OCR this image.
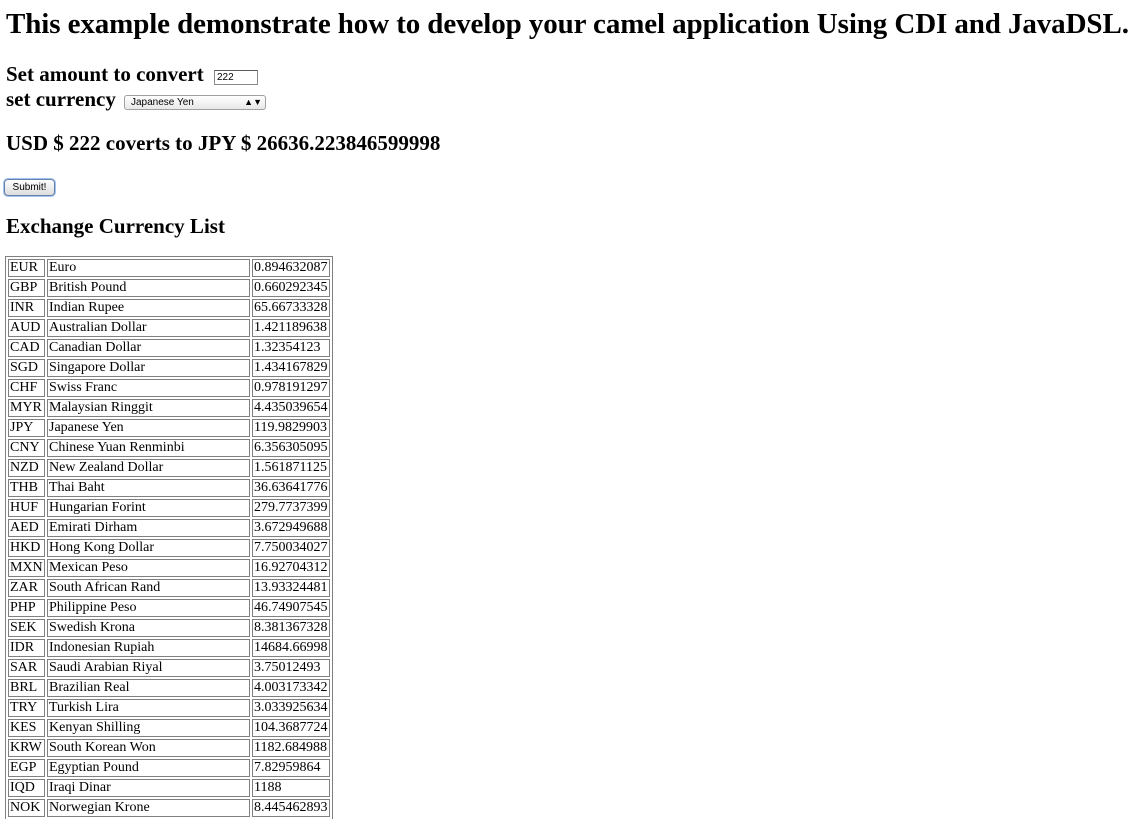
This example demonstrate how to develop your camel application Using CDI and JavaDSL.
Set amount to convert
222
set currency	Japanese Yen	▲▼
USD $ 222 coverts to JPY $ 26636.223846599998
Submit!
Exchange Currency List
EUR	Euro	0.894632087
GBP	British Pound	0.660292345
INR	Indian Rupee	65.66733328
AUD	Australian Dollar	1.421189638
CAD	Canadian Dollar	1.32354123
SGD	Singapore Dollar	1.434167829
CHF	Swiss Franc	0.978191297
MYR	Malaysian Ringgit	4.435039654
JPY	Japanese Yen	119.9829903
CNY	Chinese Yuan Renminbi	6.356305095
NZD	New Zealand Dollar	1.561871125
THB	Thai Baht	36.63641776
HUF	Hungarian Forint	279.7737399
AED	Emirati Dirham	3.672949688
HKD	Hong Kong Dollar	7.750034027
MXN	Mexican Peso	16.92704312
ZAR	South African Rand	13.93324481
PHP	Philippine Peso	46.74907545
SEK	Swedish Krona	8.381367328
IDR	Indonesian Rupiah	14684.66998
SAR	Saudi Arabian Riyal	3.75012493
BRL	Brazilian Real	4.003173342
TRY	Turkish Lira	3.033925634
KES	Kenyan Shilling	104.3687724
KRW	South Korean Won	1182.684988
EGP	Egyptian Pound	7.82959864
IQD	Iraqi Dinar	1188
NOK	Norwegian Krone	8.445462893
